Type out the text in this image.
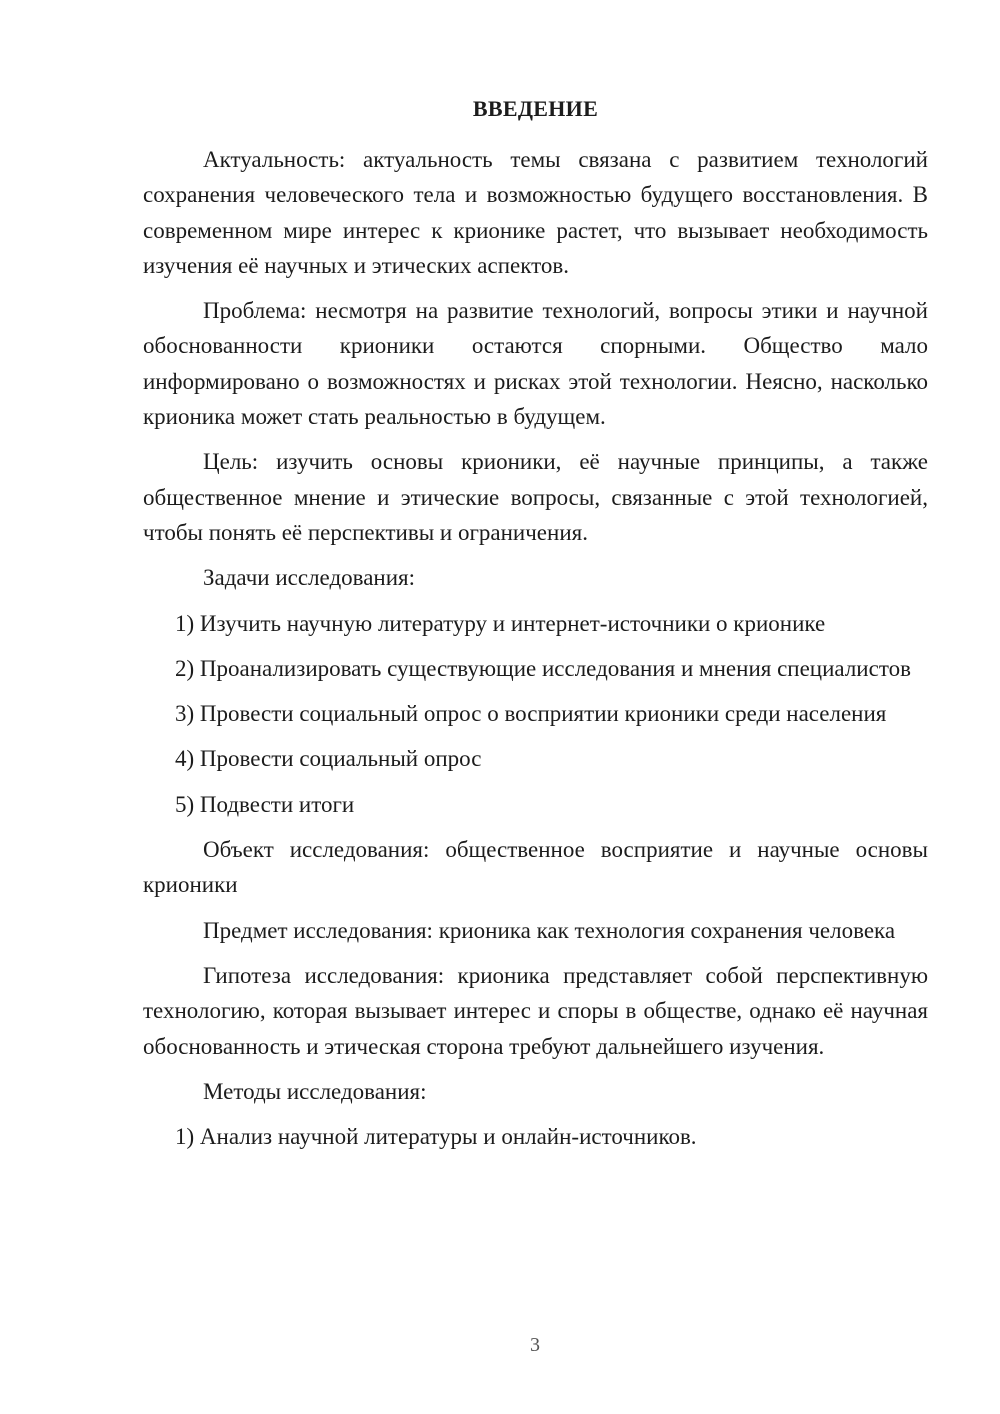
ВВЕДЕНИЕ

Актуальность: актуальность темы связана с развитием технологий сохранения человеческого тела и возможностью будущего восстановления. В современном мире интерес к крионике растет, что вызывает необходимость изучения её научных и этических аспектов.

Проблема: несмотря на развитие технологий, вопросы этики и научной обоснованности крионики остаются спорными. Общество мало информировано о возможностях и рисках этой технологии. Неясно, насколько крионика может стать реальностью в будущем.

Цель: изучить основы крионики, её научные принципы, а также общественное мнение и этические вопросы, связанные с этой технологией, чтобы понять её перспективы и ограничения.

Задачи исследования:

1) Изучить научную литературу и интернет-источники о крионике

2) Проанализировать существующие исследования и мнения специалистов

3) Провести социальный опрос о восприятии крионики среди населения

4) Провести социальный опрос

5) Подвести итоги

Объект исследования: общественное восприятие и научные основы крионики

Предмет исследования: крионика как технология сохранения человека

Гипотеза исследования: крионика представляет собой перспективную технологию, которая вызывает интерес и споры в обществе, однако её научная обоснованность и этическая сторона требуют дальнейшего изучения.

Методы исследования:

1) Анализ научной литературы и онлайн-источников.

3
